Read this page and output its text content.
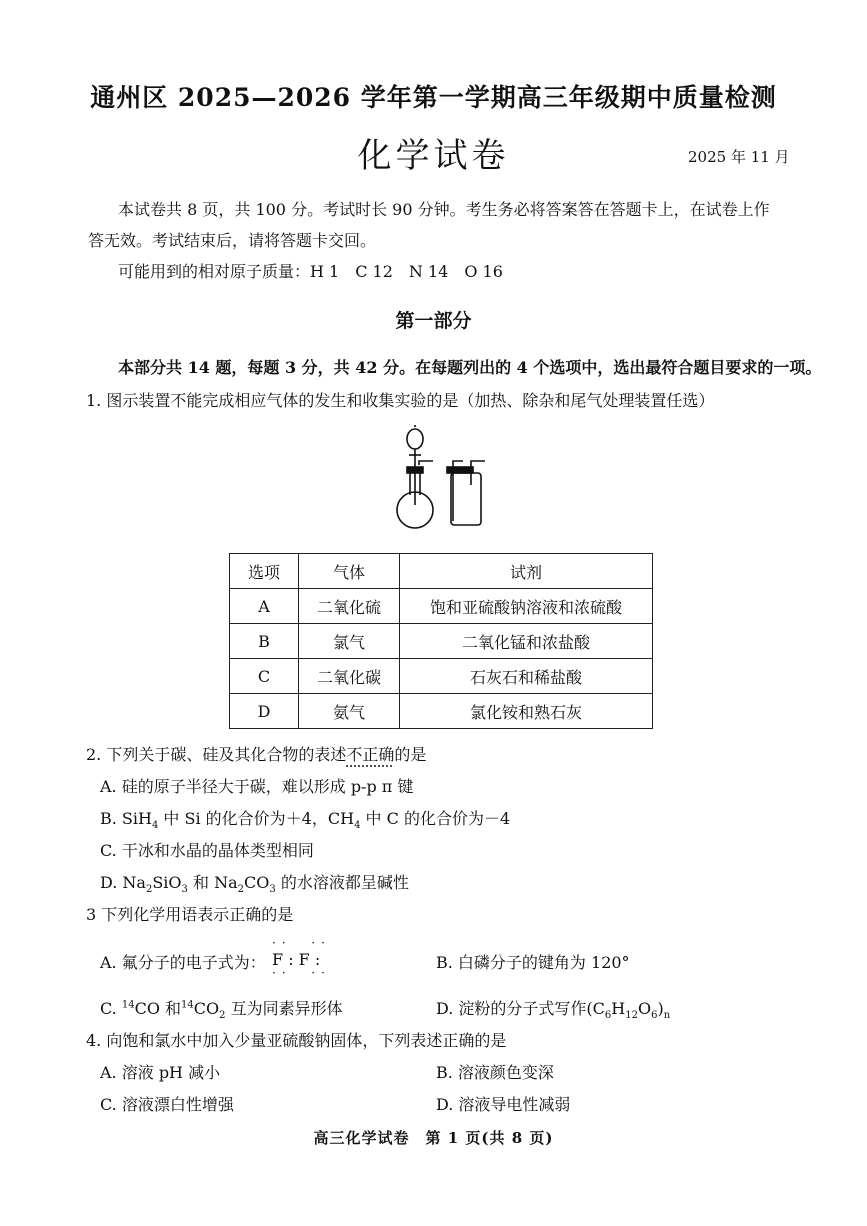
通州区 2025—2026 学年第一学期高三年级期中质量检测
化学试卷	2025 年 11 月
本试卷共 8 页，共 100 分。考试时长 90 分钟。考生务必将答案答在答题卡上，在试卷上作
答无效。考试结束后，请将答题卡交回。
可能用到的相对原子质量：H 1　C 12　N 14　O 16
第一部分
本部分共 14 题，每题 3 分，共 42 分。在每题列出的 4 个选项中，选出最符合题目要求的一项。
1. 图示装置不能完成相应气体的发生和收集实验的是（加热、除杂和尾气处理装置任选）
选项	气体	试剂
A	二氧化硫	饱和亚硫酸钠溶液和浓硫酸
B	氯气	二氧化锰和浓盐酸
C	二氧化碳	石灰石和稀盐酸
D	氨气	氯化铵和熟石灰
2. 下列关于碳、硅及其化合物的表述不正确的是
A. 硅的原子半径大于碳，难以形成 p-p π 键
B. SiH$_4$ 中 Si 的化合价为＋4，$CH_4$ 中 C 的化合价为－4
C. 干冰和水晶的晶体类型相同
D. $Na_2SiO_3$ 和 $Na_2CO_3$ 的水溶液都呈碱性
3 下列化学用语表示正确的是
A. 氟分子的电子式为：
··  ··
F : F :
··  ··
B. 白磷分子的键角为 120°
C. $^{14}$CO 和$^{14}CO_2$ 互为同素异形体	D. 淀粉的分子式写作$(C_6H_{12}O_6)_n$
4. 向饱和氯水中加入少量亚硫酸钠固体，下列表述正确的是
A. 溶液 pH 减小	B. 溶液颜色变深
C. 溶液漂白性增强	D. 溶液导电性减弱
高三化学试卷　第 1 页(共 8 页)
